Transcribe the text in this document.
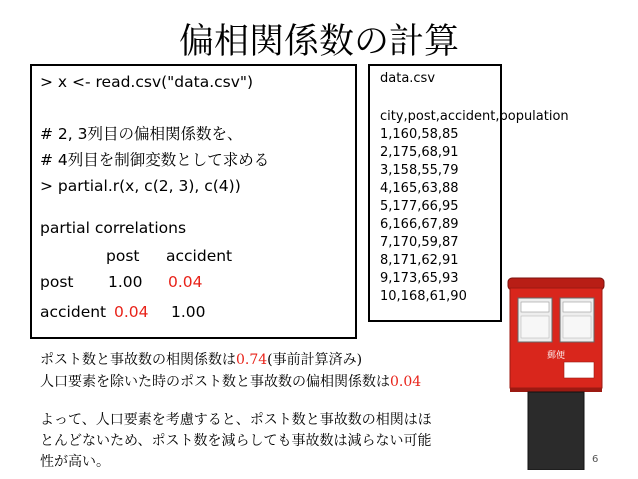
偏相関係数の計算
> x <- read.csv("data.csv")
# 2, 3列目の偏相関係数を、
# 4列目を制御変数として求める
> partial.r(x, c(2, 3), c(4))
partial correlations
post accident
post 1.00 0.04
accident 0.04 1.00
data.csv
city,post,accident,population
1,160,58,85
2,175,68,91
3,158,55,79
4,165,63,88
5,177,66,95
6,166,67,89
7,170,59,87
8,171,62,91
9,173,65,93
10,168,61,90
郵便
ポスト数と事故数の相関係数は0.74(事前計算済み)
人口要素を除いた時のポスト数と事故数の偏相関係数は0.04
よって、人口要素を考慮すると、ポスト数と事故数の相関はほ
とんどないため、ポスト数を減らしても事故数は減らない可能
性が高い。	6
